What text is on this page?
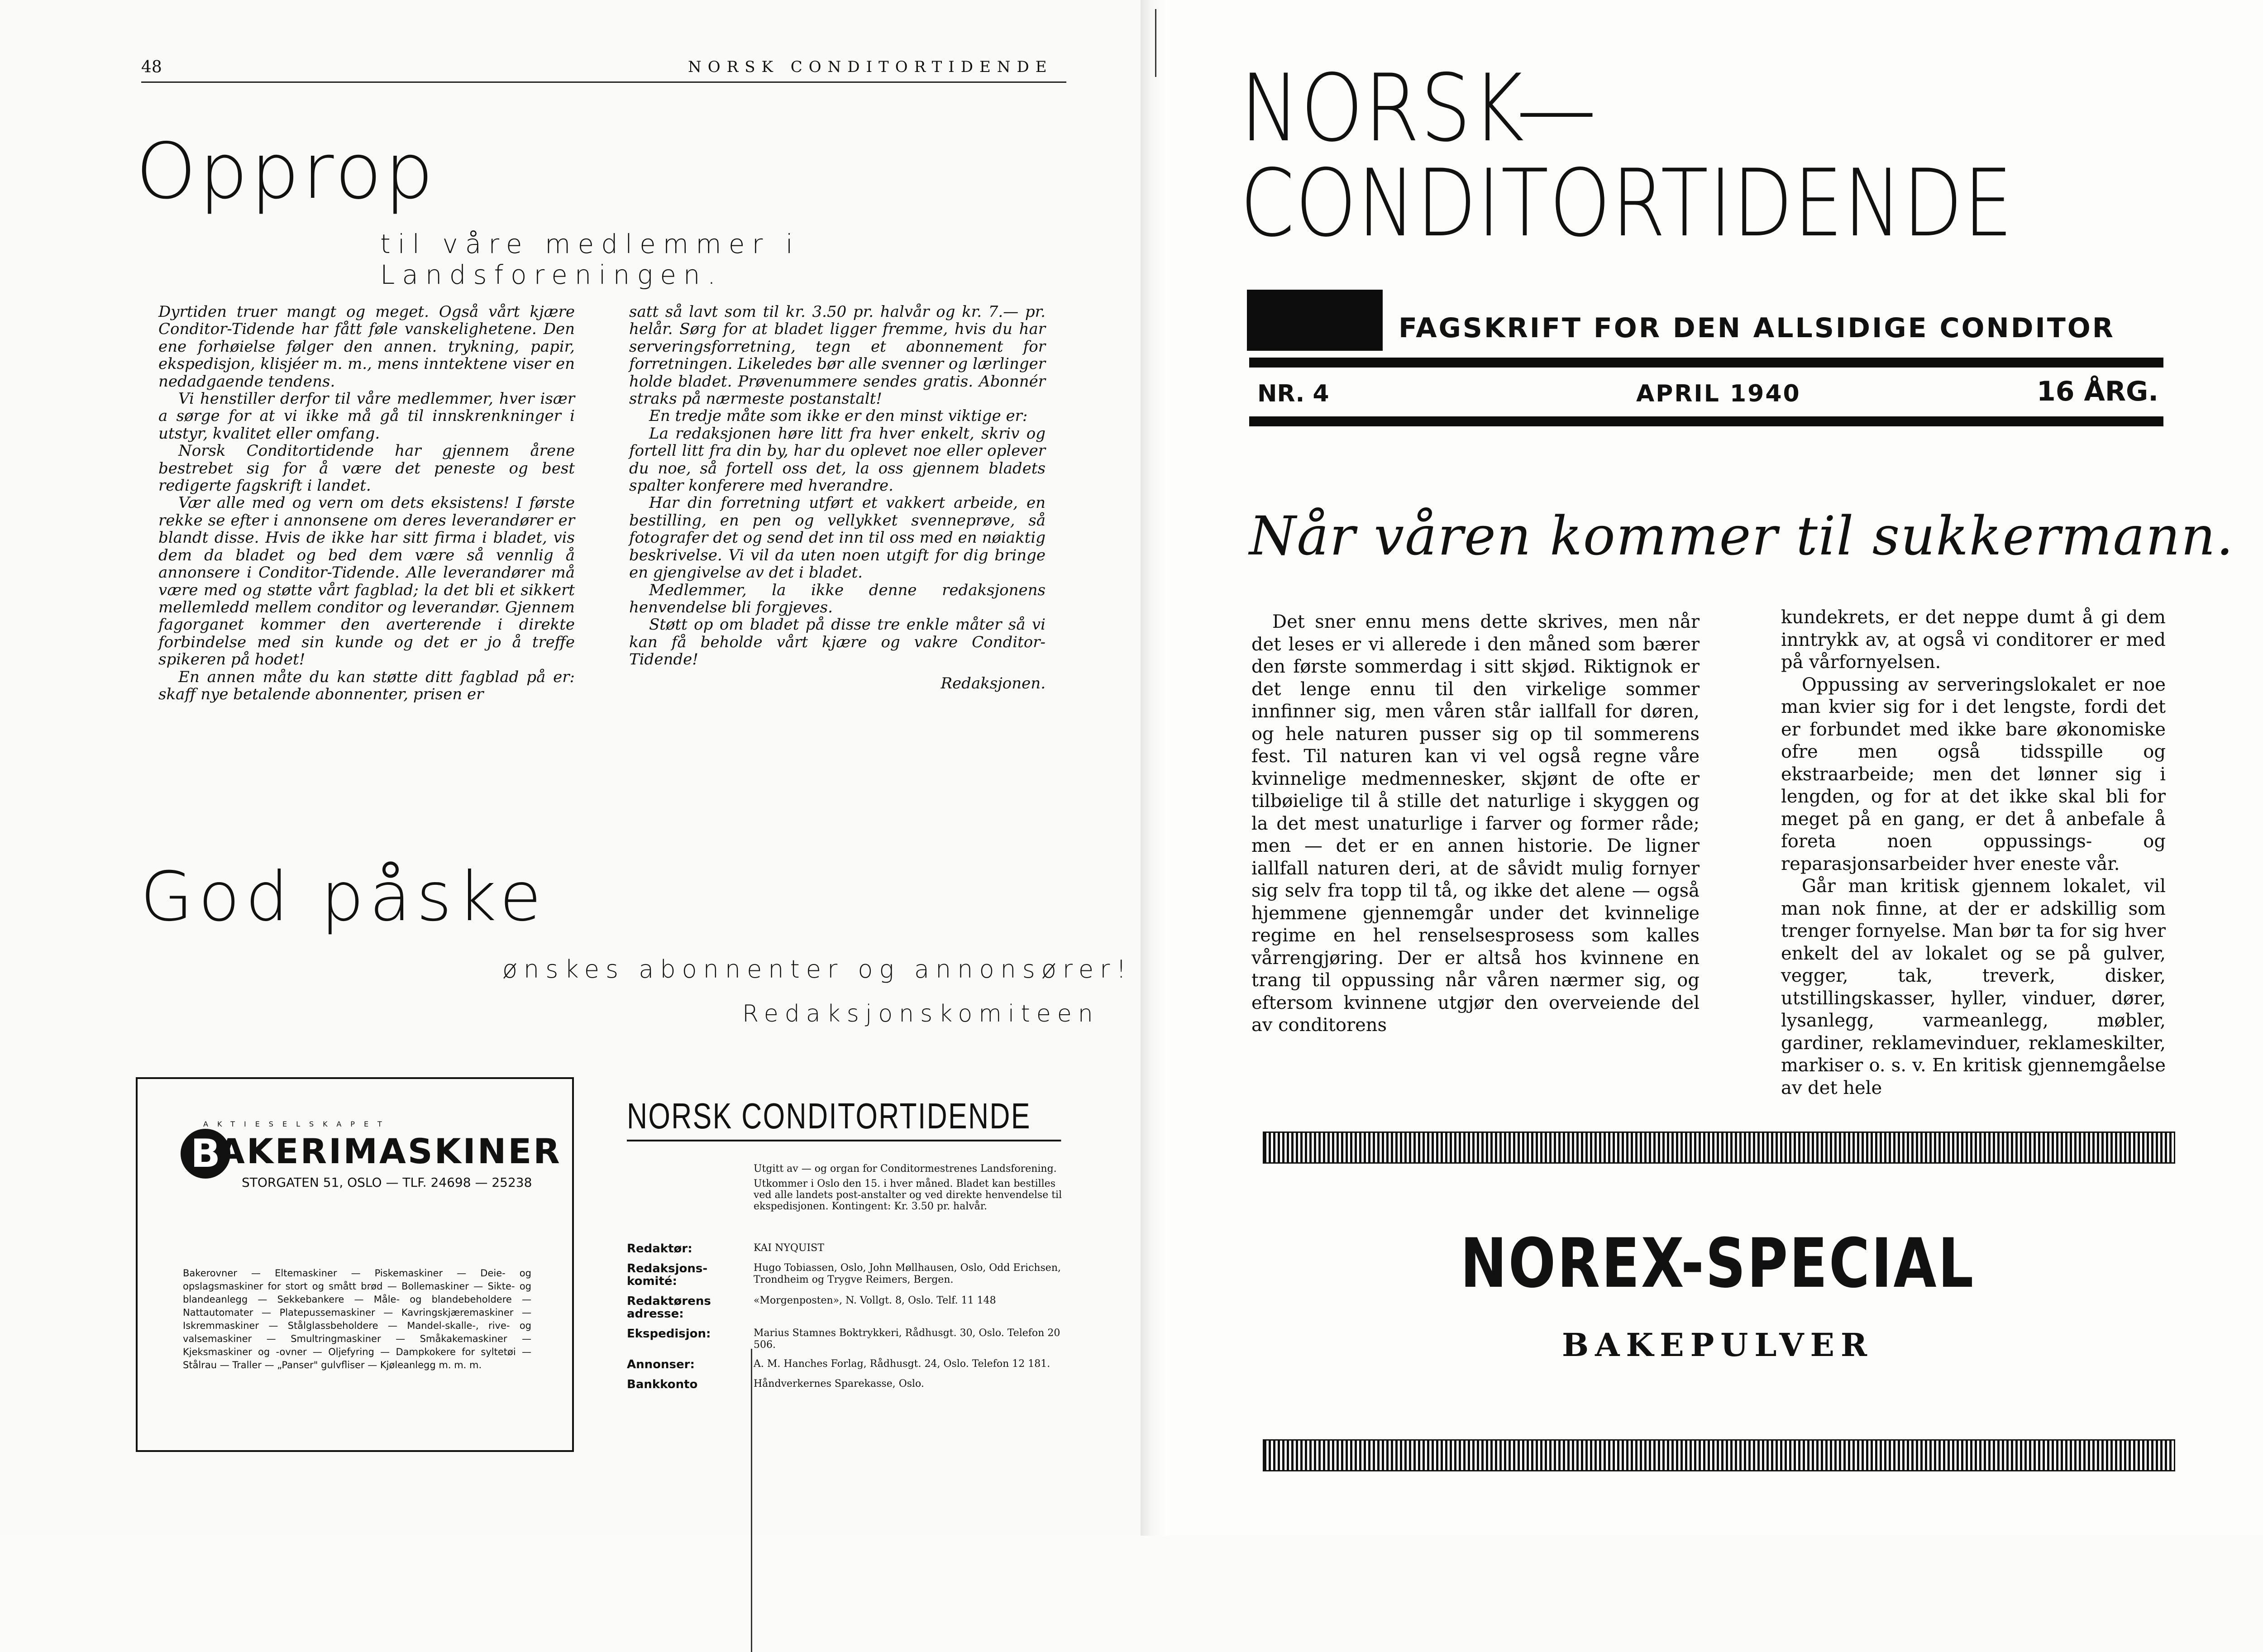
48	NORSK CONDITORTIDENDE
Opprop
til våre medlemmer i Landsforeningen.

Dyrtiden truer mangt og meget. Også vårt kjære Conditor-Tidende har fått føle vanskelighetene. Den ene forhøielse følger den annen. trykning, papir, ekspedisjon, klisjéer m. m., mens inntektene viser en nedadgaende tendens.

Vi henstiller derfor til våre medlemmer, hver især a sørge for at vi ikke må gå til innskrenkninger i utstyr, kvalitet eller omfang.

Norsk Conditortidende har gjennem årene bestrebet sig for å være det peneste og best redigerte fagskrift i landet.

Vær alle med og vern om dets eksistens! I første rekke se efter i annonsene om deres leverandører er blandt disse. Hvis de ikke har sitt firma i bladet, vis dem da bladet og bed dem være så vennlig å annonsere i Conditor-Tidende. Alle leverandører må være med og støtte vårt fagblad; la det bli et sikkert mellemledd mellem conditor og leverandør. Gjennem fagorganet kommer den averterende i direkte forbindelse med sin kunde og det er jo å treffe spikeren på hodet!

En annen måte du kan støtte ditt fagblad på er: skaff nye betalende abonnenter, prisen er

satt så lavt som til kr. 3.50 pr. halvår og kr. 7.— pr. helår. Sørg for at bladet ligger fremme, hvis du har serveringsforretning, tegn et abonnement for forretningen. Likeledes bør alle svenner og lærlinger holde bladet. Prøvenummere sendes gratis. Abonnér straks på nærmeste postanstalt!

En tredje måte som ikke er den minst viktige er:

La redaksjonen høre litt fra hver enkelt, skriv og fortell litt fra din by, har du oplevet noe eller oplever du noe, så fortell oss det, la oss gjennem bladets spalter konferere med hverandre.

Har din forretning utført et vakkert arbeide, en bestilling, en pen og vellykket svenneprøve, så fotografer det og send det inn til oss med en nøiaktig beskrivelse. Vi vil da uten noen utgift for dig bringe en gjengivelse av det i bladet.

Medlemmer, la ikke denne redaksjonens henvendelse bli forgjeves.

Støtt op om bladet på disse tre enkle måter så vi kan få beholde vårt kjære og vakre Conditor-Tidende!

Redaksjonen.
God påske
ønskes abonnenter og annonsører!
Redaksjonskomiteen
AKTIESELSKAPET
B
AKERIMASKINER
STORGATEN 51, OSLO — TLF. 24698 — 25238
Bakerovner — Eltemaskiner — Piskemaskiner — Deie- og opslagsmaskiner for stort og smått brød — Bollemaskiner — Sikte- og blandeanlegg — Sekkebankere — Måle- og blandebeholdere — Nattautomater — Platepussemaskiner — Kavringskjæremaskiner — Iskremmaskiner — Stålglassbeholdere — Mandel-skalle-, rive- og valsemaskiner — Smultringmaskiner — Småkakemaskiner — Kjeksmaskiner og -ovner — Oljefyring — Dampkokere for syltetøi — Stålrau — Traller — „Panser" gulvfliser — Kjøleanlegg m. m. m.
NORSK CONDITORTIDENDE

Utgitt av — og organ for Conditormestrenes Landsforening.

Utkommer i Oslo den 15. i hver måned. Bladet kan bestilles ved alle landets post-anstalter og ved direkte henvendelse til ekspedisjonen. Kontingent: Kr. 3.50 pr. halvår.

Redaktør:	KAI NYQUIST
Redaksjons-komité:
Hugo Tobiassen, Oslo, John Møllhausen, Oslo, Odd Erichsen, Trondheim og Trygve Reimers, Bergen.
Redaktørens adresse:
«Morgenposten», N. Vollgt. 8, Oslo. Telf. 11 148
Ekspedisjon:	Marius Stamnes Boktrykkeri, Rådhusgt. 30, Oslo. Telefon 20 506.
Annonser:	A. M. Hanches Forlag, Rådhusgt. 24, Oslo. Telefon 12 181.
Bankkonto	Håndverkernes Sparekasse, Oslo.
NORSK—
CONDITORTIDENDE
FAGSKRIFT FOR DEN ALLSIDIGE CONDITOR
NR. 4	APRIL 1940	16 ÅRG.
Når våren kommer til sukkermann.

Det sner ennu mens dette skrives, men når det leses er vi allerede i den måned som bærer den første sommerdag i sitt skjød. Riktignok er det lenge ennu til den virkelige sommer innfinner sig, men våren står iallfall for døren, og hele naturen pusser sig op til sommerens fest. Til naturen kan vi vel også regne våre kvinnelige medmennesker, skjønt de ofte er tilbøielige til å stille det naturlige i skyggen og la det mest unaturlige i farver og former råde; men — det er en annen historie. De ligner iallfall naturen deri, at de såvidt mulig fornyer sig selv fra topp til tå, og ikke det alene — også hjemmene gjennemgår under det kvinnelige regime en hel renselsesprosess som kalles vårrengjøring. Der er altså hos kvinnene en trang til oppussing når våren nærmer sig, og eftersom kvinnene utgjør den overveiende del av conditorens

kundekrets, er det neppe dumt å gi dem inntrykk av, at også vi conditorer er med på vårfornyelsen.

Oppussing av serveringslokalet er noe man kvier sig for i det lengste, fordi det er forbundet med ikke bare økonomiske ofre men også tidsspille og ekstraarbeide; men det lønner sig i lengden, og for at det ikke skal bli for meget på en gang, er det å anbefale å foreta noen oppussings- og reparasjonsarbeider hver eneste vår.

Går man kritisk gjennem lokalet, vil man nok finne, at der er adskillig som trenger fornyelse. Man bør ta for sig hver enkelt del av lokalet og se på gulver, vegger, tak, treverk, disker, utstillingskasser, hyller, vinduer, dører, lysanlegg, varmeanlegg, møbler, gardiner, reklamevinduer, reklameskilter, markiser o. s. v. En kritisk gjennemgåelse av det hele

NOREX-SPECIAL
BAKEPULVER
